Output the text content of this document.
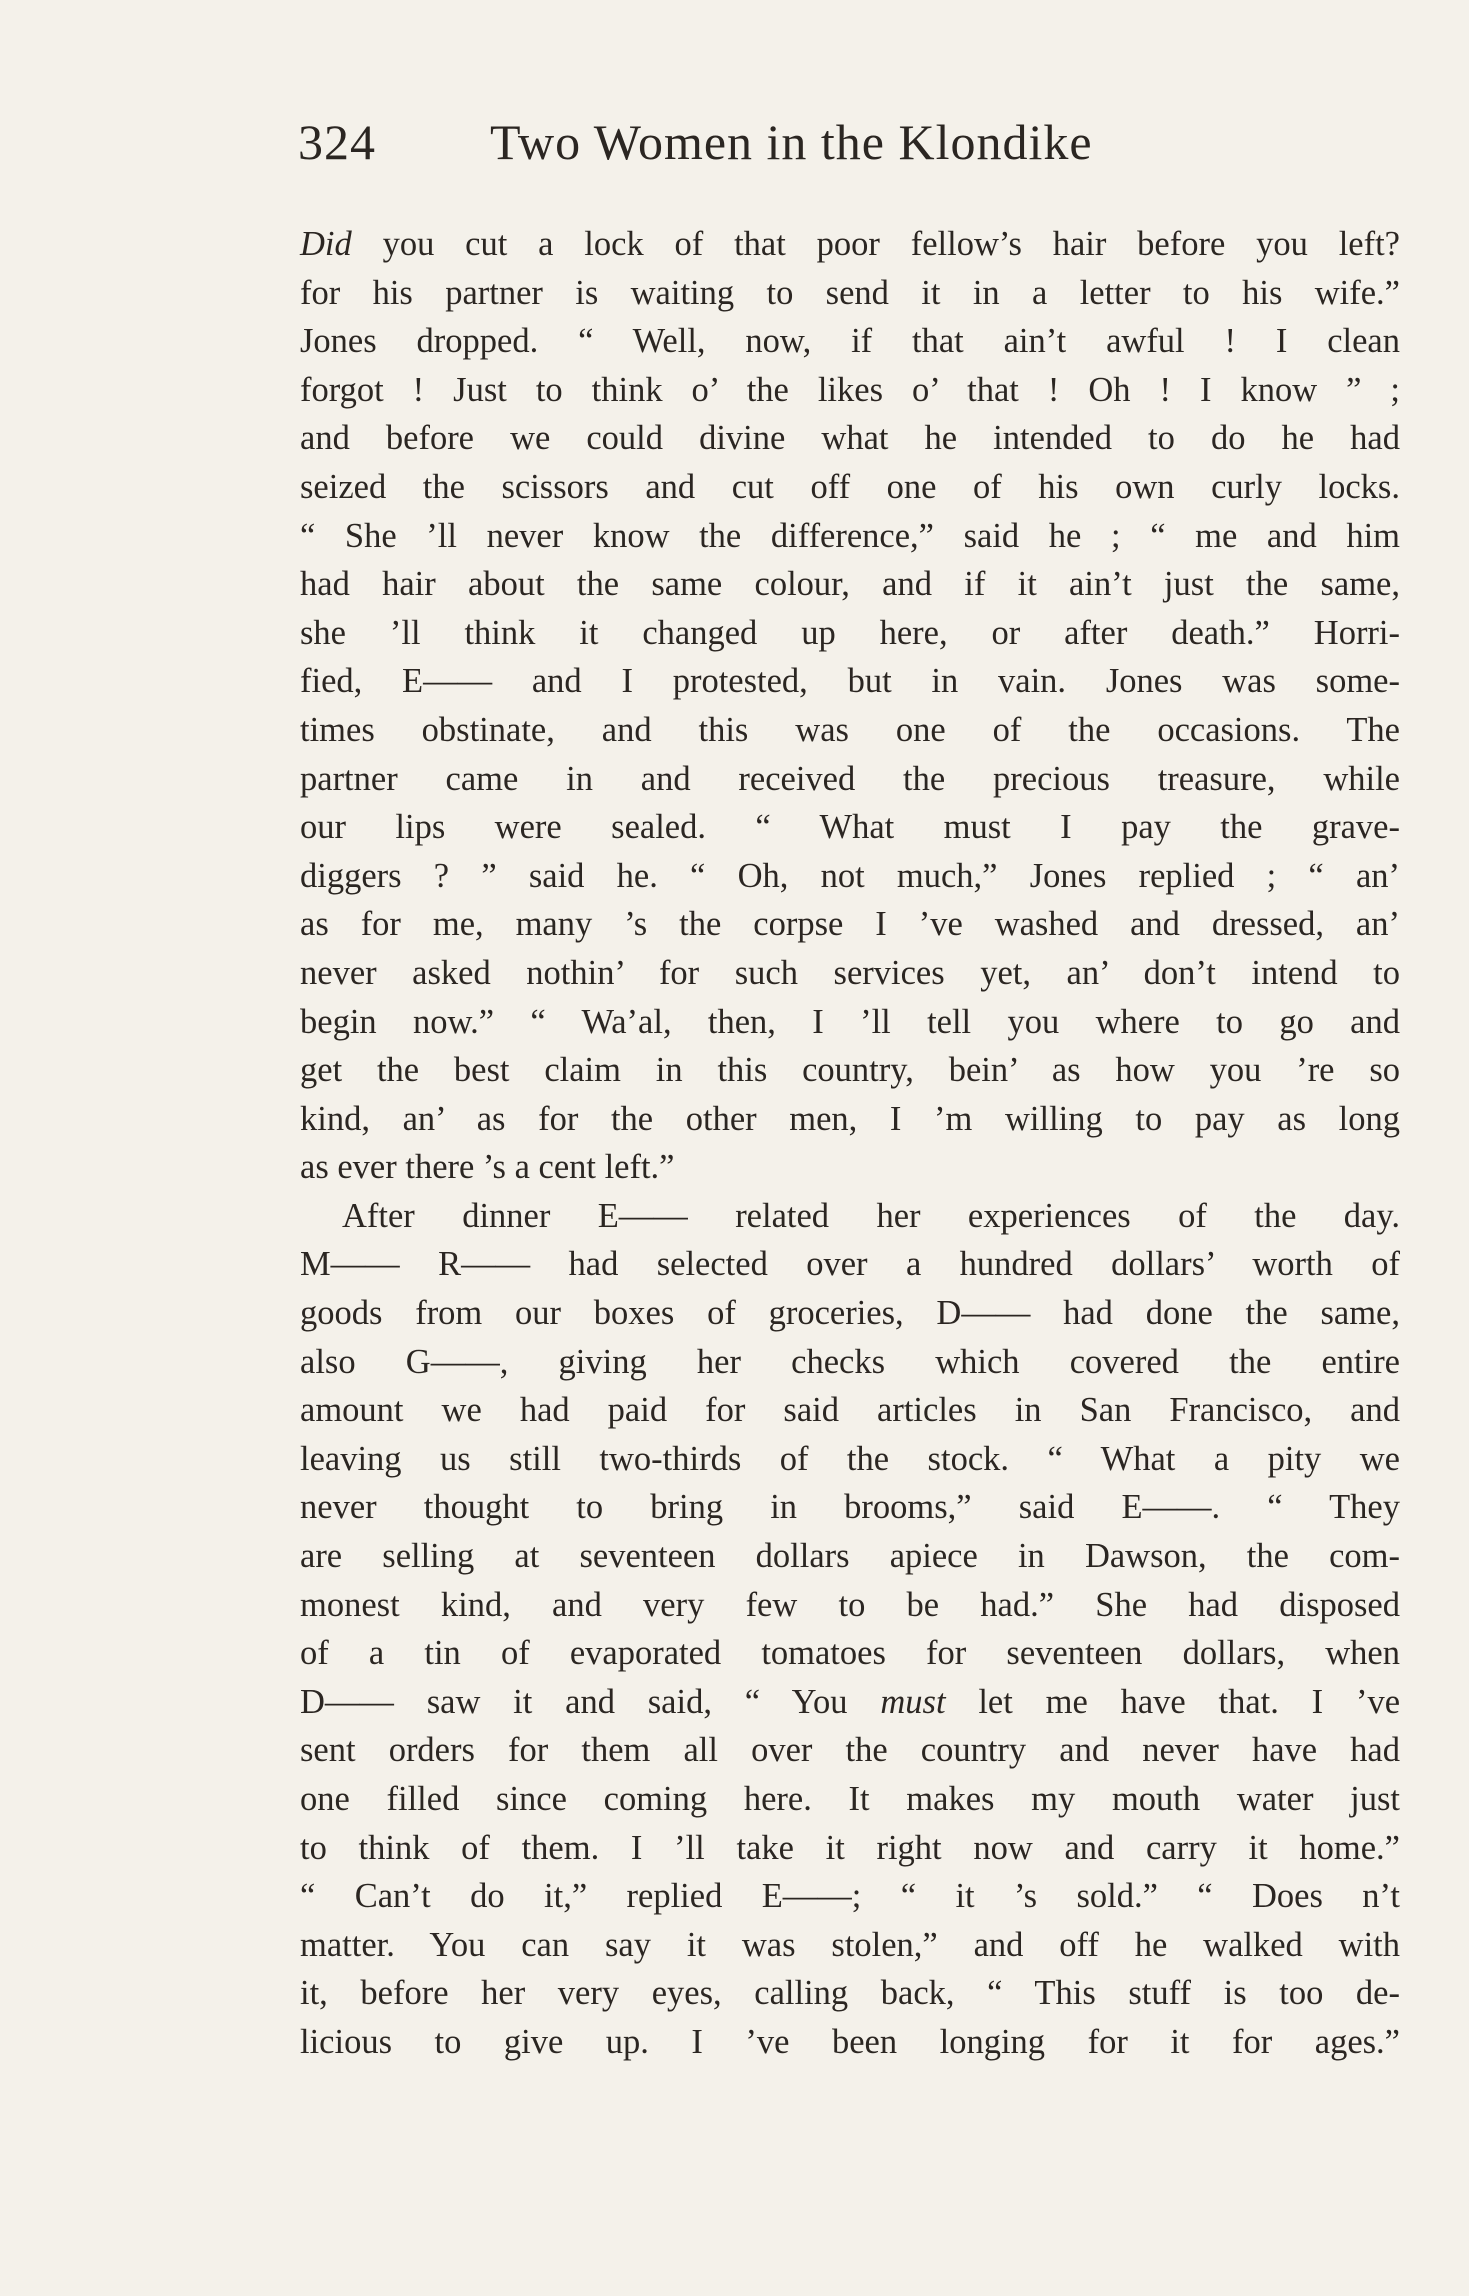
324 Two Women in the Klondike
Did you cut a lock of that poor fellow’s hair before you left?
for his partner is waiting to send it in a letter to his wife.”
Jones dropped. “ Well, now, if that ain’t awful ! I clean
forgot ! Just to think o’ the likes o’ that ! Oh ! I know ” ;
and before we could divine what he intended to do he had
seized the scissors and cut off one of his own curly locks.
“ She ’ll never know the difference,” said he ; “ me and him
had hair about the same colour, and if it ain’t just the same,
she ’ll think it changed up here, or after death.” Horri-
fied, E—— and I protested, but in vain. Jones was some-
times obstinate, and this was one of the occasions. The
partner came in and received the precious treasure, while
our lips were sealed. “ What must I pay the grave-
diggers ? ” said he. “ Oh, not much,” Jones replied ; “ an’
as for me, many ’s the corpse I ’ve washed and dressed, an’
never asked nothin’ for such services yet, an’ don’t intend to
begin now.” “ Wa’al, then, I ’ll tell you where to go and
get the best claim in this country, bein’ as how you ’re so
kind, an’ as for the other men, I ’m willing to pay as long
as ever there ’s a cent left.”
After dinner E—— related her experiences of the day.
M—— R—— had selected over a hundred dollars’ worth of
goods from our boxes of groceries, D—— had done the same,
also G——, giving her checks which covered the entire
amount we had paid for said articles in San Francisco, and
leaving us still two-thirds of the stock. “ What a pity we
never thought to bring in brooms,” said E——. “ They
are selling at seventeen dollars apiece in Dawson, the com-
monest kind, and very few to be had.” She had disposed
of a tin of evaporated tomatoes for seventeen dollars, when
D—— saw it and said, “ You must let me have that. I ’ve
sent orders for them all over the country and never have had
one filled since coming here. It makes my mouth water just
to think of them. I ’ll take it right now and carry it home.”
“ Can’t do it,” replied E——; “ it ’s sold.” “ Does n’t
matter. You can say it was stolen,” and off he walked with
it, before her very eyes, calling back, “ This stuff is too de-
licious to give up. I ’ve been longing for it for ages.”
